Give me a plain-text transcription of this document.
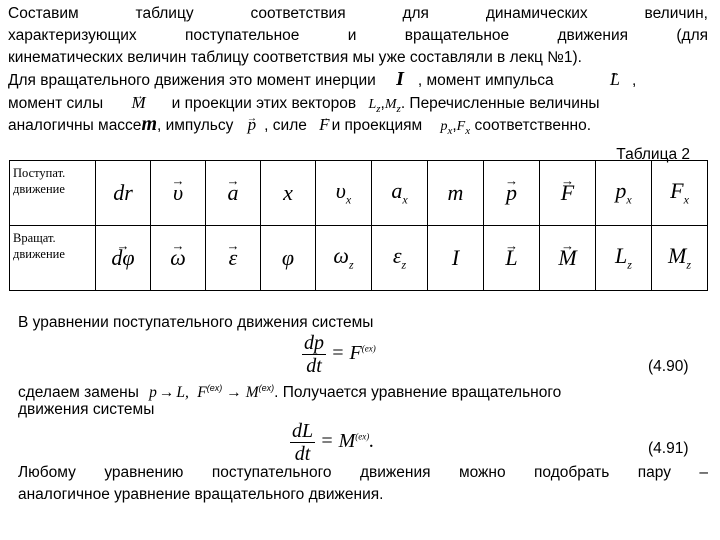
Составим	таблицу	соответствия	для	динамических	величин,
характеризующих	поступательное	и	вращательное	движения	(для
кинематических величин таблицу соответствия мы уже составляли в лекц №1).
Для вращательного движения это момент инерции I , момент импульса	→ L ,
момент силы → M и проекции этих векторов $L_z,M_z$. Перечисленные величины
аналогичны массеm, импульсу → p , силе → F и проекциям $p_x,F_x$ соответственно.
Таблица 2
Поступат.
движение	dr	→ υ	→ a	x	$\upsilon_x$	$a_x$	m	→ p	→ F	$p_x$	$F_x$
Вращат.
движение	→ dφ	→ ω	→ ε	φ	$\omega_z$	$\varepsilon_z$	I	→ L	→ M	$L_z$	$M_z$
В уравнении поступательного движения системы
$\frac{dp}{dt} = F^{(ex)}$
(4.90)
сделаем замены p → L, $F^{(ex)} \to M^{(ex)}$. Получается уравнение вращательного
движения системы
$\frac{dL}{dt} = M^{(ex)}$.	(4.91)
Любому уравнению поступательного движения можно подобрать пару –
аналогичное уравнение вращательного движения.
